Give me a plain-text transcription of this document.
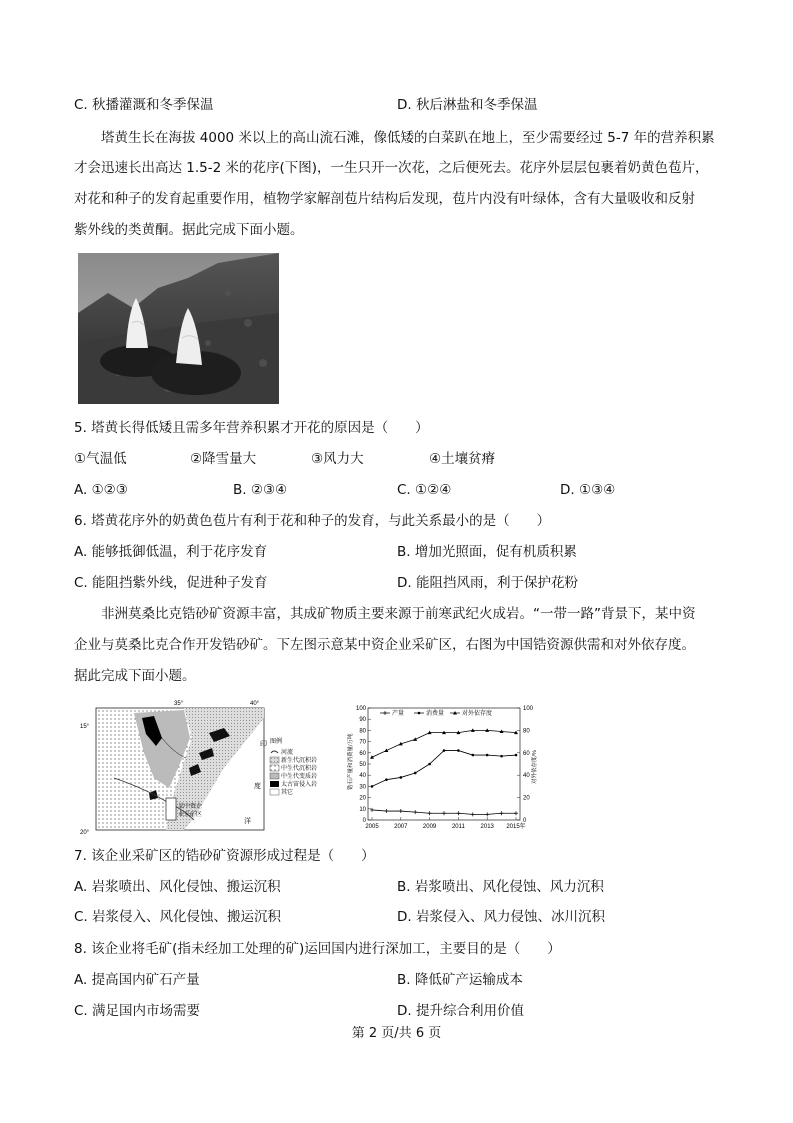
C. 秋播灌溉和冬季保温	D. 秋后淋盐和冬季保温
塔黄生长在海拔 4000 米以上的高山流石滩，像低矮的白菜趴在地上，至少需要经过 5-7 年的营养积累
才会迅速长出高达 1.5-2 米的花序(下图)，一生只开一次花，之后便死去。花序外层层包裹着奶黄色苞片，
对花和种子的发育起重要作用，植物学家解剖苞片结构后发现，苞片内没有叶绿体，含有大量吸收和反射
紫外线的类黄酮。据此完成下面小题。
5. 塔黄长得低矮且需多年营养积累才开花的原因是（　　）
①气温低	②降雪量大	③风力大	④土壤贫瘠
A. ①②③	B. ②③④	C. ①②④	D. ①③④
6. 塔黄花序外的奶黄色苞片有利于花和种子的发育，与此关系最小的是（　　）
A. 能够抵御低温，利于花序发育	B. 增加光照面，促有机质积累
C. 能阻挡紫外线，促进种子发育	D. 能阻挡风雨，利于保护花粉
非洲莫桑比克锆砂矿资源丰富，其成矿物质主要来源于前寒武纪火成岩。“一带一路”背景下，某中资
企业与莫桑比克合作开发锆砂矿。下左图示意某中资企业采矿区，右图为中国锆资源供需和对外依存度。
据此完成下面小题。
35°	40°
15°
20°
某中资企
业采矿区
印
度
洋
图例
河流
新生代沉积岩
中生代沉积岩
中生代变质岩
太古宙侵入岩
其它
锆石产量和消费量/万吨	对外依存度/%
产量	消费量	对外依存度
0
10
20
30
40
50
60
70
80
90
100
0
20
40
60
80
100
2005	2007	2009	2011	2013 2015年
7. 该企业采矿区的锆砂矿资源形成过程是（　　）
A. 岩浆喷出、风化侵蚀、搬运沉积	B. 岩浆喷出、风化侵蚀、风力沉积
C. 岩浆侵入、风化侵蚀、搬运沉积	D. 岩浆侵入、风力侵蚀、冰川沉积
8. 该企业将毛矿(指未经加工处理的矿)运回国内进行深加工，主要目的是（　　）
A. 提高国内矿石产量	B. 降低矿产运输成本
C. 满足国内市场需要	D. 提升综合利用价值
第 2 页/共 6 页
